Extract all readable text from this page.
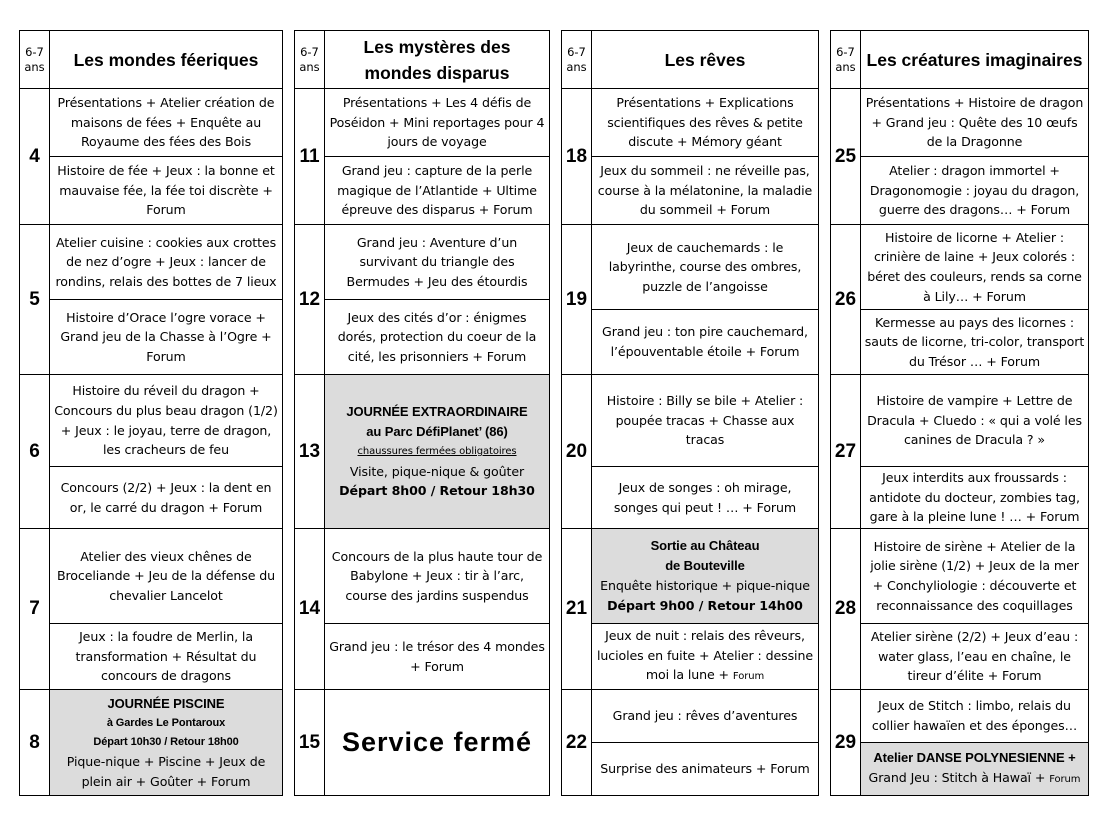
6-7 ans	Les mondes féeriques
4	Présentations + Atelier création de maisons de fées + Enquête au Royaume des fées des Bois
	Histoire de fée + Jeux : la bonne et mauvaise fée, la fée toi discrète + Forum
5	Atelier cuisine : cookies aux crottes de nez d’ogre + Jeux : lancer de rondins, relais des bottes de 7 lieux
	Histoire d’Orace l’ogre vorace + Grand jeu de la Chasse à l’Ogre + Forum
6	Histoire du réveil du dragon + Concours du plus beau dragon (1/2) + Jeux : le joyau, terre de dragon, les cracheurs de feu
	Concours (2/2) + Jeux : la dent en or, le carré du dragon + Forum
7	Atelier des vieux chênes de Broceliande + Jeu de la défense du chevalier Lancelot
	Jeux : la foudre de Merlin, la transformation + Résultat du concours de dragons
8	JOURNÉE PISCINE
à Gardes Le Pontaroux
Départ 10h30 / Retour 18h00
Pique-nique + Piscine + Jeux de plein air + Goûter + Forum
6-7 ans	Les mystères des mondes disparus
11	Présentations + Les 4 défis de Poséidon + Mini reportages pour 4 jours de voyage
	Grand jeu : capture de la perle magique de l’Atlantide + Ultime épreuve des disparus + Forum
12	Grand jeu : Aventure d’un survivant du triangle des Bermudes + Jeu des étourdis
	Jeux des cités d’or : énigmes dorés, protection du coeur de la cité, les prisonniers + Forum
13	JOURNÉE EXTRAORDINAIRE
au Parc DéfiPlanet’ (86)
chaussures fermées obligatoires
Visite, pique-nique & goûter
Départ 8h00 / Retour 18h30

14	Concours de la plus haute tour de Babylone + Jeux : tir à l’arc, course des jardins suspendus
	Grand jeu : le trésor des 4 mondes + Forum
15	Service fermé
6-7 ans	Les rêves
18	Présentations + Explications scientifiques des rêves & petite discute + Mémory géant
	Jeux du sommeil : ne réveille pas, course à la mélatonine, la maladie du sommeil + Forum
19	Jeux de cauchemards : le labyrinthe, course des ombres, puzzle de l’angoisse
	Grand jeu : ton pire cauchemard, l’épouventable étoile + Forum
20	Histoire : Billy se bile + Atelier : poupée tracas + Chasse aux tracas
	Jeux de songes : oh mirage, songes qui peut ! … + Forum
21	Sortie au Château
de Bouteville
Enquête historique + pique-nique
Départ 9h00 / Retour 14h00

	Jeux de nuit : relais des rêveurs, lucioles en fuite + Atelier : dessine moi la lune + Forum
22	Grand jeu : rêves d’aventures
	Surprise des animateurs + Forum
6-7 ans	Les créatures imaginaires
25	Présentations + Histoire de dragon + Grand jeu : Quête des 10 œufs de la Dragonne
	Atelier : dragon immortel + Dragonomogie : joyau du dragon, guerre des dragons… + Forum
26	Histoire de licorne + Atelier : crinière de laine + Jeux colorés : béret des couleurs, rends sa corne à Lily… + Forum
	Kermesse au pays des licornes : sauts de licorne, tri-color, transport du Trésor … + Forum
27	Histoire de vampire + Lettre de Dracula + Cluedo : « qui a volé les canines de Dracula ? »
	Jeux interdits aux froussards : antidote du docteur, zombies tag, gare à la pleine lune ! … + Forum
28	Histoire de sirène + Atelier de la jolie sirène (1/2) + Jeux de la mer + Conchyliologie : découverte et reconnaissance des coquillages
	Atelier sirène (2/2) + Jeux d’eau : water glass, l’eau en chaîne, le tireur d’élite + Forum
29	Jeux de Stitch : limbo, relais du collier hawaïen et des éponges…

	Atelier DANSE POLYNESIENNE +
Grand Jeu : Stitch à Hawaï + Forum
